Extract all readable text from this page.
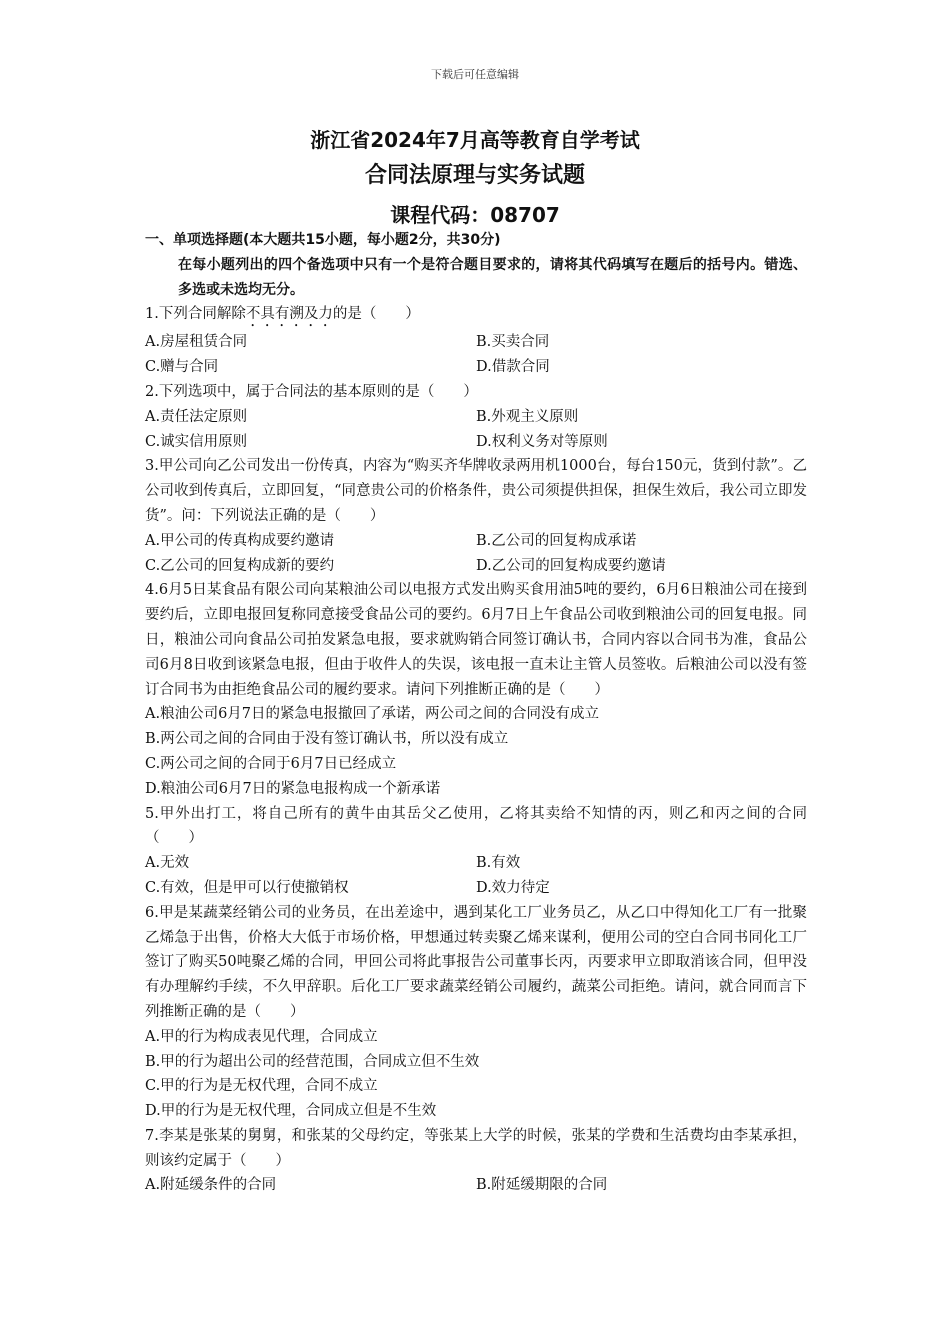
下载后可任意编辑
浙江省2024年7月高等教育自学考试
合同法原理与实务试题
课程代码：08707
一、单项选择题(本大题共15小题，每小题2分，共30分)
在每小题列出的四个备选项中只有一个是符合题目要求的，请将其代码填写在题后的括号内。错选、多选或未选均无分。
1.下列合同解除不具有溯及力的是（　　）
A.房屋租赁合同	B.买卖合同
C.赠与合同	D.借款合同
2.下列选项中，属于合同法的基本原则的是（　　）
A.责任法定原则	B.外观主义原则
C.诚实信用原则	D.权利义务对等原则
3.甲公司向乙公司发出一份传真，内容为“购买齐华牌收录两用机1000台，每台150元，货到付款”。乙公司收到传真后，立即回复，“同意贵公司的价格条件，贵公司须提供担保，担保生效后，我公司立即发货”。问：下列说法正确的是（　　）
A.甲公司的传真构成要约邀请	B.乙公司的回复构成承诺
C.乙公司的回复构成新的要约	D.乙公司的回复构成要约邀请
4.6月5日某食品有限公司向某粮油公司以电报方式发出购买食用油5吨的要约，6月6日粮油公司在接到要约后，立即电报回复称同意接受食品公司的要约。6月7日上午食品公司收到粮油公司的回复电报。同日，粮油公司向食品公司拍发紧急电报，要求就购销合同签订确认书，合同内容以合同书为准，食品公司6月8日收到该紧急电报，但由于收件人的失误，该电报一直未让主管人员签收。后粮油公司以没有签订合同书为由拒绝食品公司的履约要求。请问下列推断正确的是（　　）
A.粮油公司6月7日的紧急电报撤回了承诺，两公司之间的合同没有成立
B.两公司之间的合同由于没有签订确认书，所以没有成立
C.两公司之间的合同于6月7日已经成立
D.粮油公司6月7日的紧急电报构成一个新承诺
5.甲外出打工，将自己所有的黄牛由其岳父乙使用，乙将其卖给不知情的丙，则乙和丙之间的合同（　　）
A.无效	B.有效
C.有效，但是甲可以行使撤销权	D.效力待定
6.甲是某蔬菜经销公司的业务员，在出差途中，遇到某化工厂业务员乙，从乙口中得知化工厂有一批聚乙烯急于出售，价格大大低于市场价格，甲想通过转卖聚乙烯来谋利，便用公司的空白合同书同化工厂签订了购买50吨聚乙烯的合同，甲回公司将此事报告公司董事长丙，丙要求甲立即取消该合同，但甲没有办理解约手续，不久甲辞职。后化工厂要求蔬菜经销公司履约，蔬菜公司拒绝。请问，就合同而言下列推断正确的是（　　）
A.甲的行为构成表见代理，合同成立
B.甲的行为超出公司的经营范围，合同成立但不生效
C.甲的行为是无权代理，合同不成立
D.甲的行为是无权代理，合同成立但是不生效
7.李某是张某的舅舅，和张某的父母约定，等张某上大学的时候，张某的学费和生活费均由李某承担，则该约定属于（　　）
A.附延缓条件的合同	B.附延缓期限的合同
